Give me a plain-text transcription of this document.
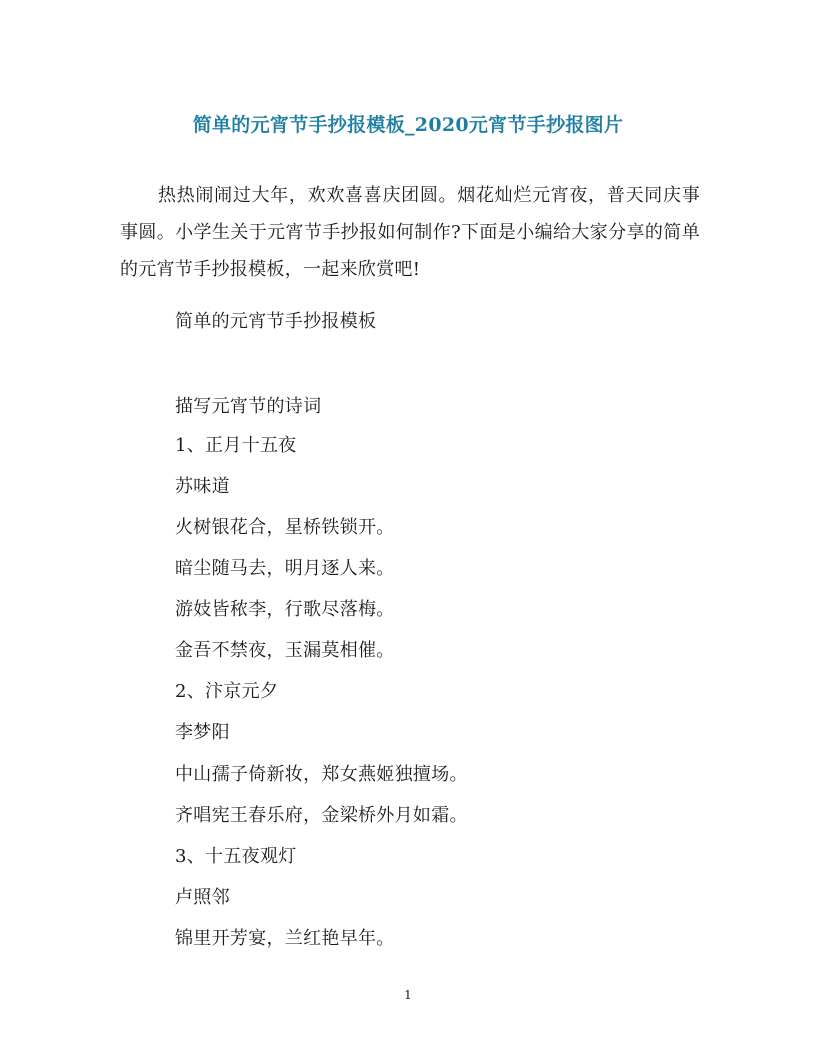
简单的元宵节手抄报模板_2020元宵节手抄报图片
热热闹闹过大年，欢欢喜喜庆团圆。烟花灿烂元宵夜，普天同庆事事圆。小学生关于元宵节手抄报如何制作?下面是小编给大家分享的简单的元宵节手抄报模板，一起来欣赏吧!
简单的元宵节手抄报模板
描写元宵节的诗词
1、正月十五夜
苏味道
火树银花合，星桥铁锁开。
暗尘随马去，明月逐人来。
游妓皆秾李，行歌尽落梅。
金吾不禁夜，玉漏莫相催。
2、汴京元夕
李梦阳
中山孺子倚新妆，郑女燕姬独擅场。
齐唱宪王春乐府，金梁桥外月如霜。
3、十五夜观灯
卢照邻
锦里开芳宴，兰红艳早年。
1
